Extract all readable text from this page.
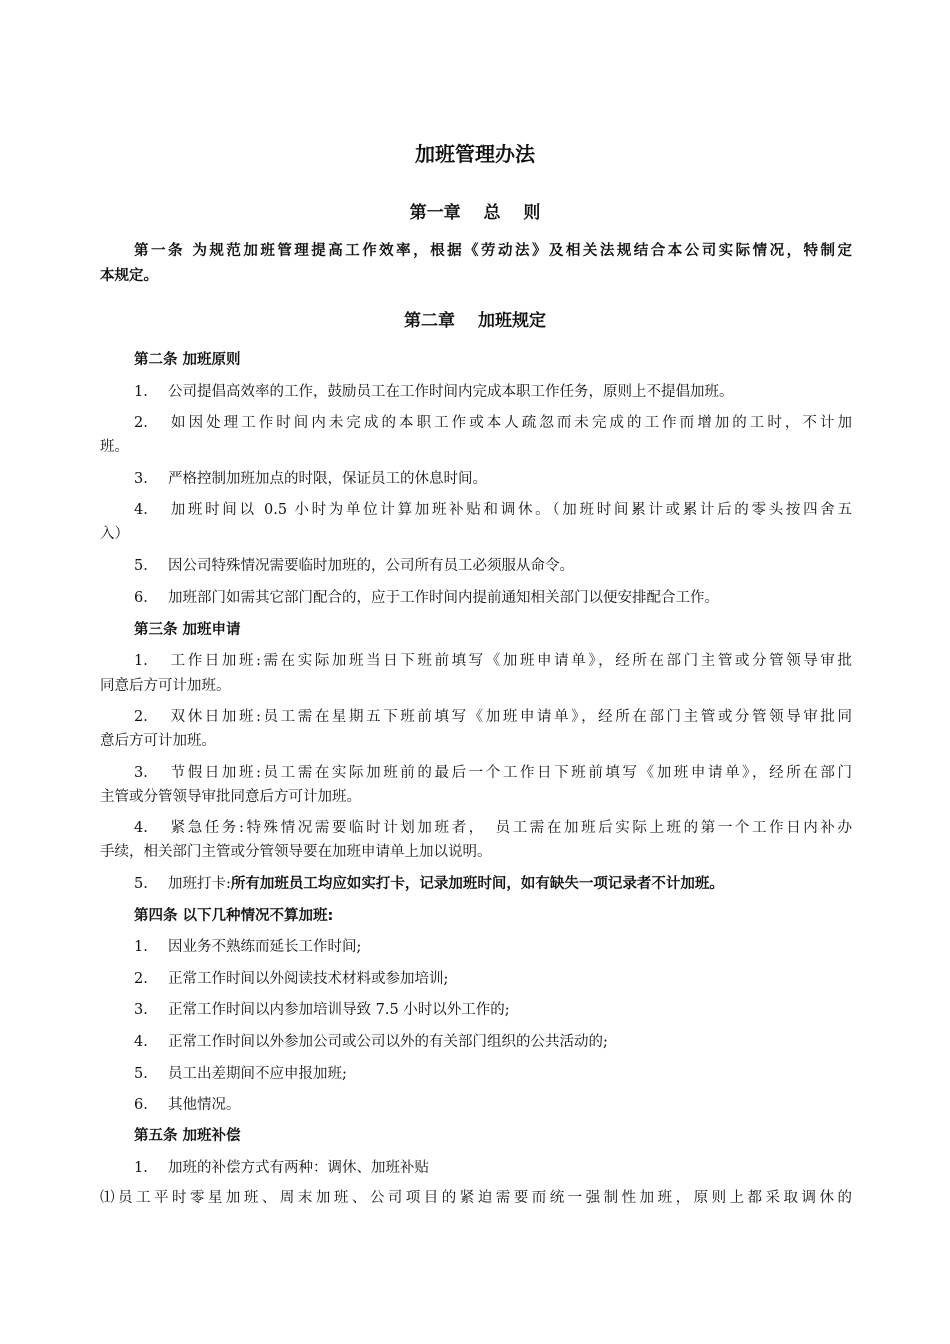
加班管理办法
第一章　 总　 则
第一条 为规范加班管理提高工作效率，根据《劳动法》及相关法规结合本公司实际情况，特制定
本规定。
第二章　 加班规定
第二条 加班原则
1. 公司提倡高效率的工作，鼓励员工在工作时间内完成本职工作任务，原则上不提倡加班。
2. 如因处理工作时间内未完成的本职工作或本人疏忽而未完成的工作而增加的工时，不计加
班。
3. 严格控制加班加点的时限，保证员工的休息时间。
4. 加班时间以 0.5 小时为单位计算加班补贴和调休。（加班时间累计或累计后的零头按四舍五
入）
5. 因公司特殊情况需要临时加班的，公司所有员工必须服从命令。
6. 加班部门如需其它部门配合的，应于工作时间内提前通知相关部门以便安排配合工作。
第三条 加班申请
1. 工作日加班:需在实际加班当日下班前填写《加班申请单》，经所在部门主管或分管领导审批
同意后方可计加班。
2. 双休日加班:员工需在星期五下班前填写《加班申请单》，经所在部门主管或分管领导审批同
意后方可计加班。
3. 节假日加班:员工需在实际加班前的最后一个工作日下班前填写《加班申请单》，经所在部门
主管或分管领导审批同意后方可计加班。
4. 紧急任务:特殊情况需要临时计划加班者，　员工需在加班后实际上班的第一个工作日内补办
手续，相关部门主管或分管领导要在加班申请单上加以说明。
5. 加班打卡:所有加班员工均应如实打卡，记录加班时间，如有缺失一项记录者不计加班。
第四条 以下几种情况不算加班:
1. 因业务不熟练而延长工作时间;
2. 正常工作时间以外阅读技术材料或参加培训;
3. 正常工作时间以内参加培训导致 7.5 小时以外工作的;
4. 正常工作时间以外参加公司或公司以外的有关部门组织的公共活动的;
5. 员工出差期间不应申报加班;
6. 其他情况。
第五条 加班补偿
1. 加班的补偿方式有两种：调休、加班补贴
⑴员工平时零星加班、周末加班、公司项目的紧迫需要而统一强制性加班，原则上都采取调休的
